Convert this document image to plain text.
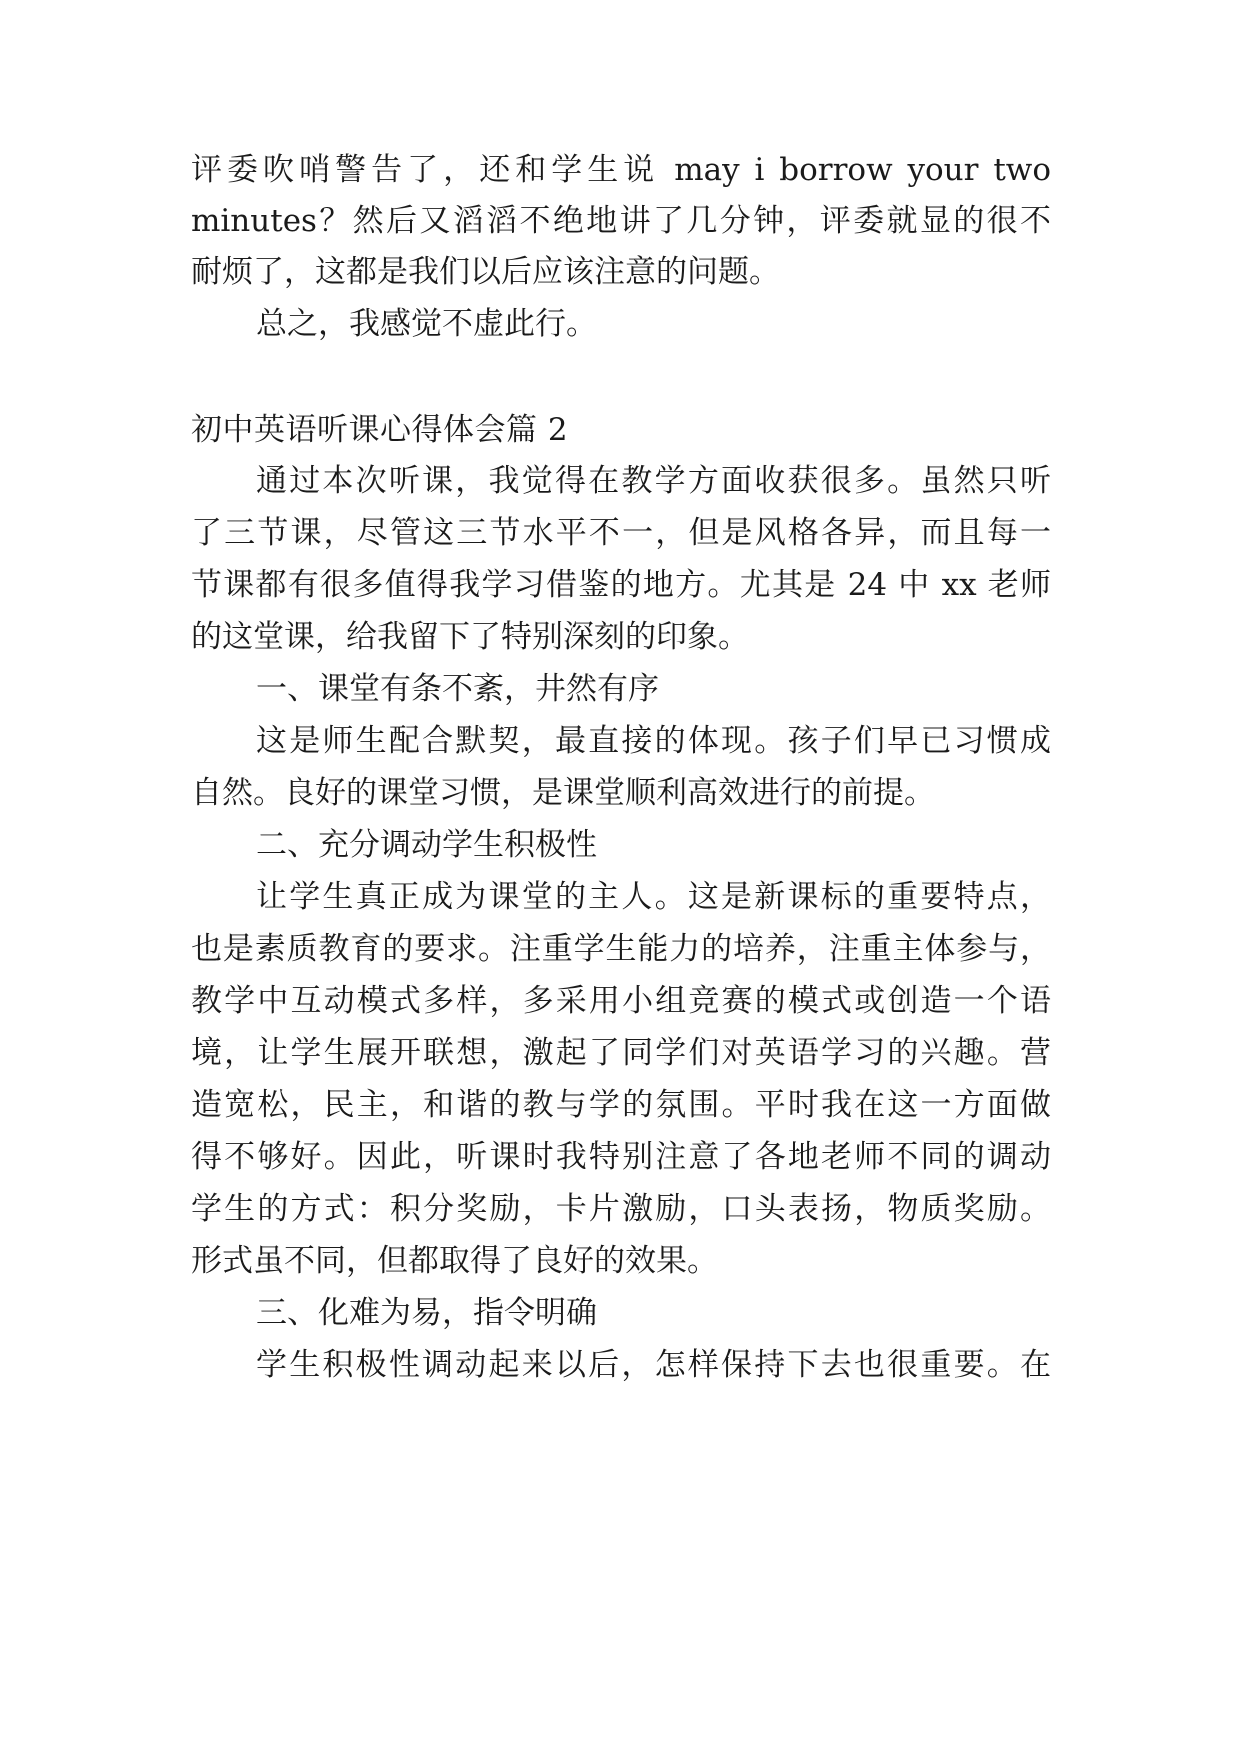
评委吹哨警告了，还和学生说 may i borrow your two
minutes？然后又滔滔不绝地讲了几分钟，评委就显的很不
耐烦了，这都是我们以后应该注意的问题。
总之，我感觉不虚此行。
初中英语听课心得体会篇 2
通过本次听课，我觉得在教学方面收获很多。虽然只听
了三节课，尽管这三节水平不一，但是风格各异，而且每一
节课都有很多值得我学习借鉴的地方。尤其是 24 中 xx 老师
的这堂课，给我留下了特别深刻的印象。
一、课堂有条不紊，井然有序
这是师生配合默契，最直接的体现。孩子们早已习惯成
自然。良好的课堂习惯，是课堂顺利高效进行的前提。
二、充分调动学生积极性
让学生真正成为课堂的主人。这是新课标的重要特点，
也是素质教育的要求。注重学生能力的培养，注重主体参与，
教学中互动模式多样，多采用小组竞赛的模式或创造一个语
境，让学生展开联想，激起了同学们对英语学习的兴趣。营
造宽松，民主，和谐的教与学的氛围。平时我在这一方面做
得不够好。因此，听课时我特别注意了各地老师不同的调动
学生的方式：积分奖励，卡片激励，口头表扬，物质奖励。
形式虽不同，但都取得了良好的效果。
三、化难为易，指令明确
学生积极性调动起来以后，怎样保持下去也很重要。在
